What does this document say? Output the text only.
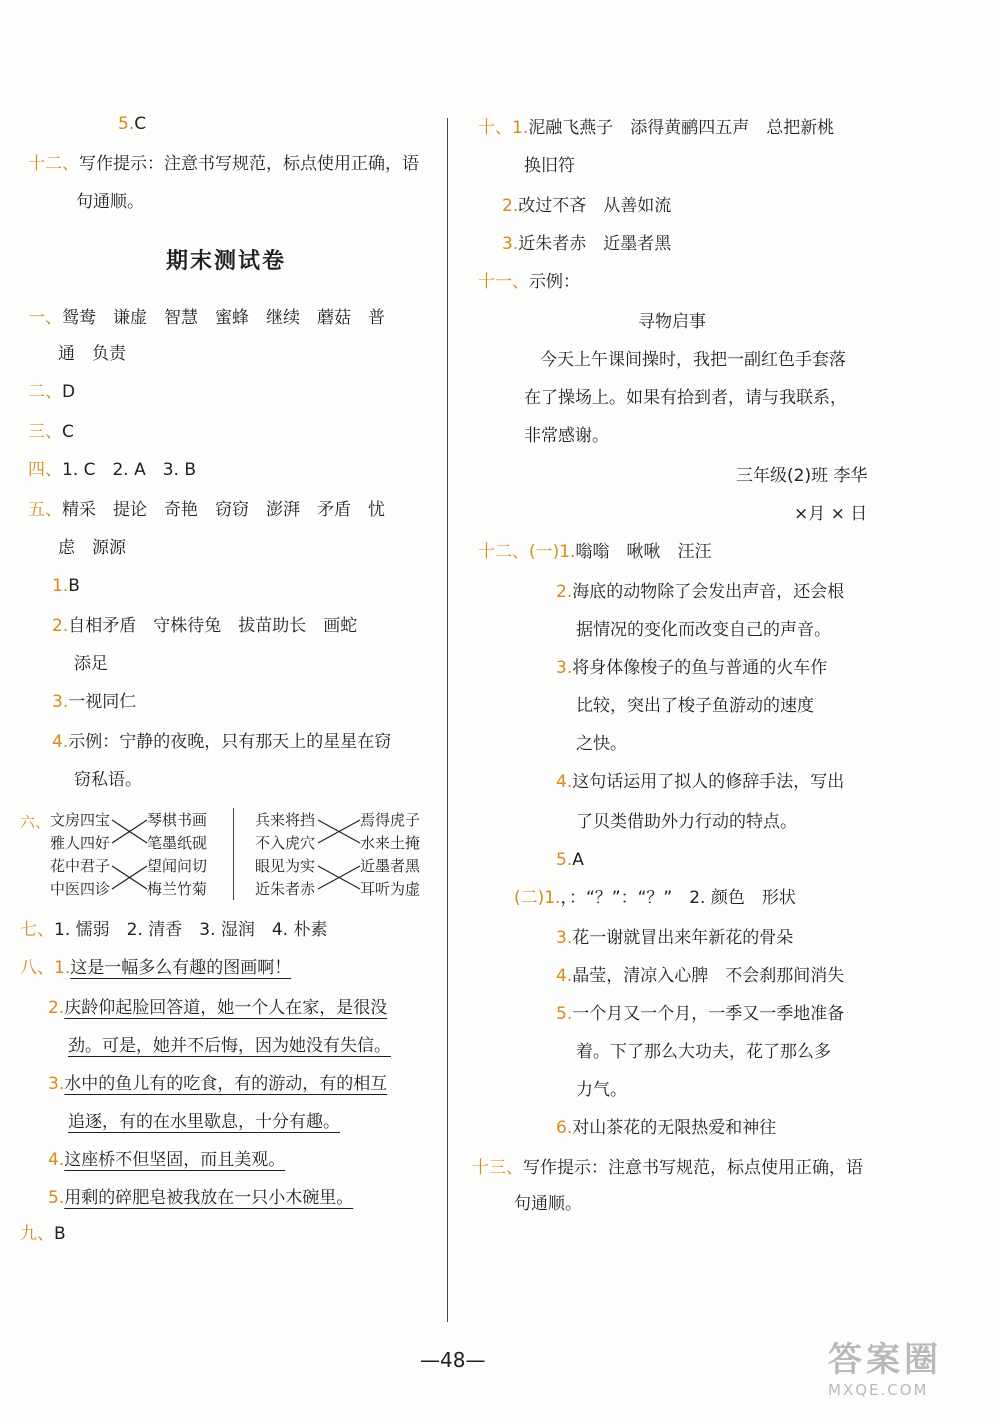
5.C
十二、写作提示：注意书写规范，标点使用正确，语
句通顺。
期末测试卷
一、鸳鸯　谦虚　智慧　蜜蜂　继续　蘑菇　普
通　负责
二、D
三、C
四、1. C　2. A　3. B
五、精采　提论　奇艳　窃窃　澎湃　矛盾　忧
虑　源源
1.B
2.自相矛盾　守株待兔　拔苗助长　画蛇
添足
3.一视同仁
4.示例：宁静的夜晚，只有那天上的星星在窃
窃私语。
六、 文房四宝
雅人四好
花中君子
中医四诊
琴棋书画
笔墨纸砚
望闻问切
梅兰竹菊
兵来将挡
不入虎穴
眼见为实
近朱者赤
焉得虎子
水来土掩
近墨者黑
耳听为虚
七、1. 懦弱　2. 清香　3. 湿润　4. 朴素
八、1.这是一幅多么有趣的图画啊！
2.庆龄仰起脸回答道，她一个人在家，是很没
劲。可是，她并不后悔，因为她没有失信。
3.水中的鱼儿有的吃食，有的游动，有的相互
追逐，有的在水里歇息，十分有趣。
4.这座桥不但坚固，而且美观。
5.用剩的碎肥皂被我放在一只小木碗里。
九、B
十、1.泥融飞燕子　添得黄鹂四五声　总把新桃
换旧符
2.改过不吝　从善如流
3.近朱者赤　近墨者黑
十一、示例：
寻物启事
今天上午课间操时，我把一副红色手套落
在了操场上。如果有拾到者，请与我联系，
非常感谢。
三年级(2)班 李华
×月 × 日
十二、(一)1.嗡嗡　啾啾　汪汪
2.海底的动物除了会发出声音，还会根
据情况的变化而改变自己的声音。
3.将身体像梭子的鱼与普通的火车作
比较，突出了梭子鱼游动的速度
之快。
4.这句话运用了拟人的修辞手法，写出
了贝类借助外力行动的特点。
5.A
(二)1.，：“？”：“？”　2. 颜色　形状
3.花一谢就冒出来年新花的骨朵
4.晶莹，清凉入心脾　不会刹那间消失
5.一个月又一个月，一季又一季地准备
着。下了那么大功夫，花了那么多
力气。
6.对山茶花的无限热爱和神往
十三、写作提示：注意书写规范，标点使用正确，语
句通顺。
—48—	答案圈
MXQE.COM
